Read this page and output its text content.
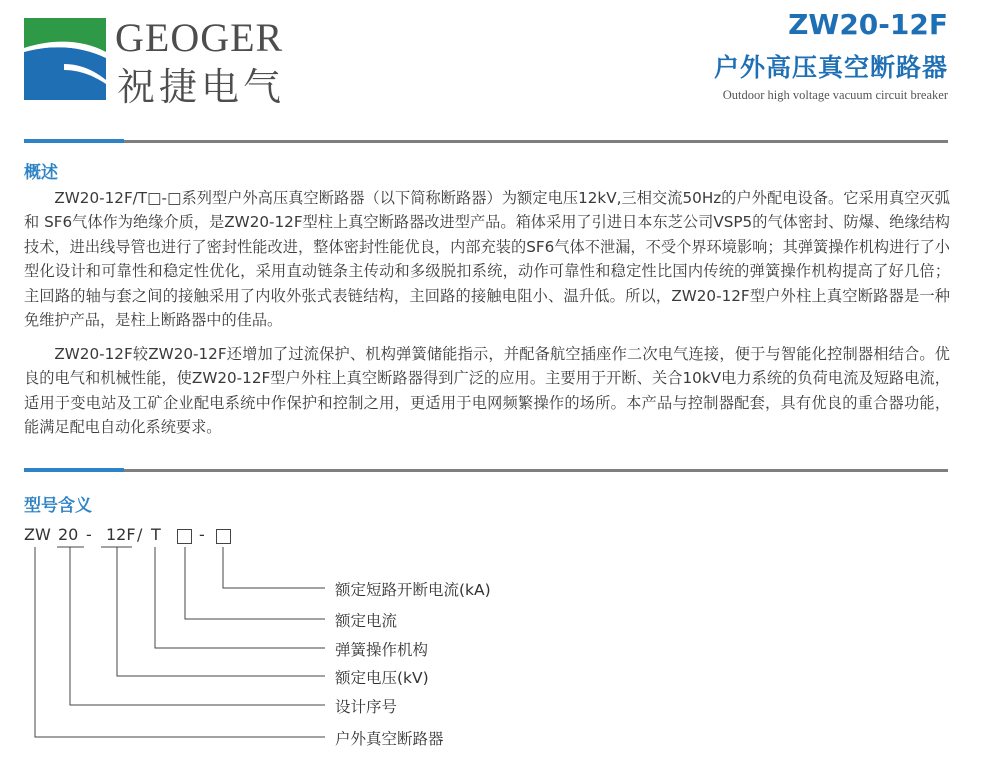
GEOGER
祝捷电气
ZW20-12F
户外高压真空断路器
Outdoor high voltage vacuum circuit breaker
概述

ZW20-12F/T□-□系列型户外高压真空断路器（以下简称断路器）为额定电压12kV,三相交流50Hz的户外配电设备。它采用真空灭弧和 SF6气体作为绝缘介质，是ZW20-12F型柱上真空断路器改进型产品。箱体采用了引进日本东芝公司VSP5的气体密封、防爆、绝缘结构技术，进出线导管也进行了密封性能改进，整体密封性能优良，内部充装的SF6气体不泄漏，不受个界环境影响；其弹簧操作机构进行了小型化设计和可靠性和稳定性优化，采用直动链条主传动和多级脱扣系统，动作可靠性和稳定性比国内传统的弹簧操作机构提高了好几倍；主回路的轴与套之间的接触采用了内收外张式表链结构，主回路的接触电阻小、温升低。所以，ZW20-12F型户外柱上真空断路器是一种免维护产品，是柱上断路器中的佳品。

ZW20-12F较ZW20-12F还增加了过流保护、机构弹簧储能指示，并配备航空插座作二次电气连接，便于与智能化控制器相结合。优良的电气和机械性能，使ZW20-12F型户外柱上真空断路器得到广泛的应用。主要用于开断、关合10kV电力系统的负荷电流及短路电流，适用于变电站及工矿企业配电系统中作保护和控制之用，更适用于电网频繁操作的场所。本产品与控制器配套，具有优良的重合器功能，能满足配电自动化系统要求。

型号含义
ZW 20 - 12F / T -
额定短路开断电流(kA)
额定电流
弹簧操作机构
额定电压(kV)
设计序号
户外真空断路器
